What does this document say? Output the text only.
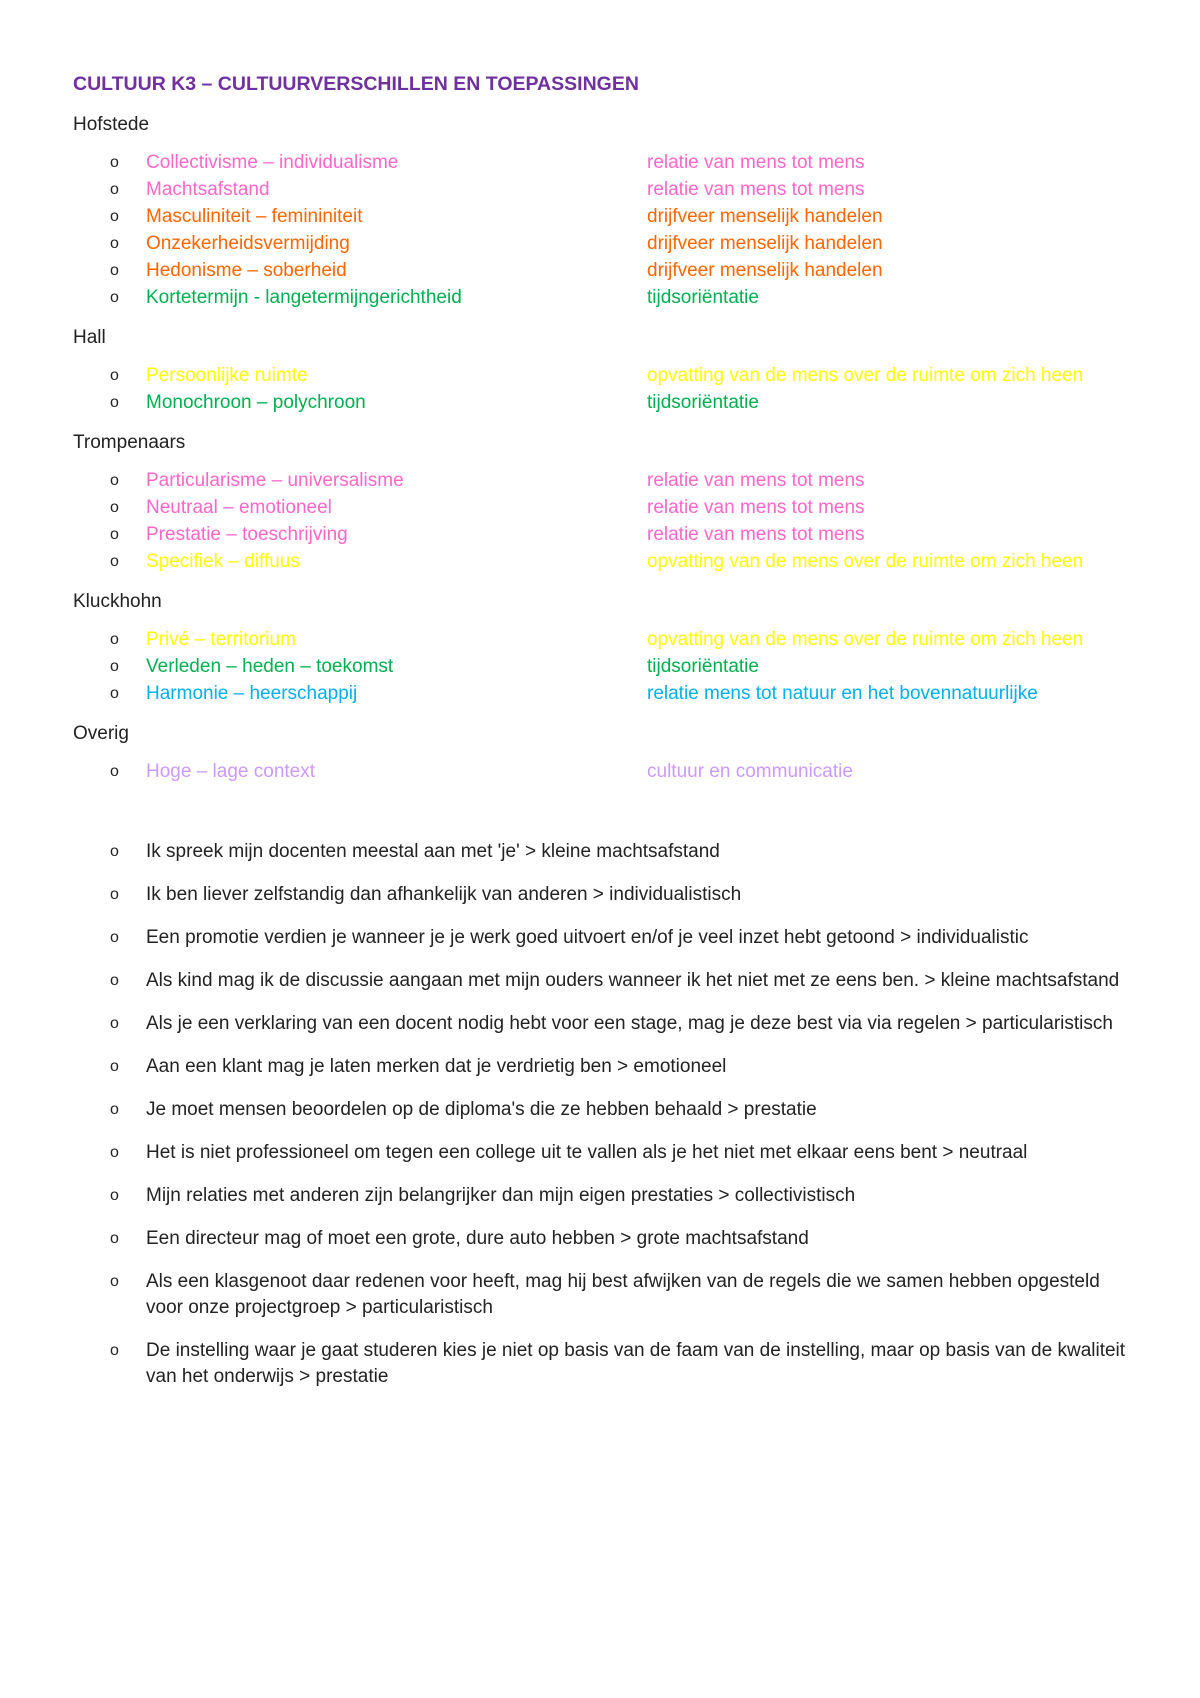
CULTUUR K3 – CULTUURVERSCHILLEN EN TOEPASSINGEN
Hofstede
o Collectivisme – individualisme	relatie van mens tot mens
o Machtsafstand	relatie van mens tot mens
o Masculiniteit – femininiteit	drijfveer menselijk handelen
o Onzekerheidsvermijding	drijfveer menselijk handelen
o Hedonisme – soberheid	drijfveer menselijk handelen
o Kortetermijn - langetermijngerichtheid	tijdsoriëntatie
Hall
o Persoonlijke ruimte	opvatting van de mens over de ruimte om zich heen
o Monochroon – polychroon	tijdsoriëntatie
Trompenaars
o Particularisme – universalisme	relatie van mens tot mens
o Neutraal – emotioneel	relatie van mens tot mens
o Prestatie – toeschrijving	relatie van mens tot mens
o Specifiek – diffuus	opvatting van de mens over de ruimte om zich heen
Kluckhohn
o Privé – territorium	opvatting van de mens over de ruimte om zich heen
o Verleden – heden – toekomst	tijdsoriëntatie
o Harmonie – heerschappij	relatie mens tot natuur en het bovennatuurlijke
Overig
o Hoge – lage context	cultuur en communicatie
o Ik spreek mijn docenten meestal aan met 'je' > kleine machtsafstand
o Ik ben liever zelfstandig dan afhankelijk van anderen > individualistisch
o Een promotie verdien je wanneer je je werk goed uitvoert en/of je veel inzet hebt getoond > individualistic
o Als kind mag ik de discussie aangaan met mijn ouders wanneer ik het niet met ze eens ben. > kleine machtsafstand
o Als je een verklaring van een docent nodig hebt voor een stage, mag je deze best via via regelen > particularistisch
o Aan een klant mag je laten merken dat je verdrietig ben > emotioneel
o Je moet mensen beoordelen op de diploma's die ze hebben behaald > prestatie
o Het is niet professioneel om tegen een college uit te vallen als je het niet met elkaar eens bent > neutraal
o Mijn relaties met anderen zijn belangrijker dan mijn eigen prestaties > collectivistisch
o Een directeur mag of moet een grote, dure auto hebben > grote machtsafstand
o Als een klasgenoot daar redenen voor heeft, mag hij best afwijken van de regels die we samen hebben opgesteld voor onze projectgroep > particularistisch
o De instelling waar je gaat studeren kies je niet op basis van de faam van de instelling, maar op basis van de kwaliteit van het onderwijs > prestatie
